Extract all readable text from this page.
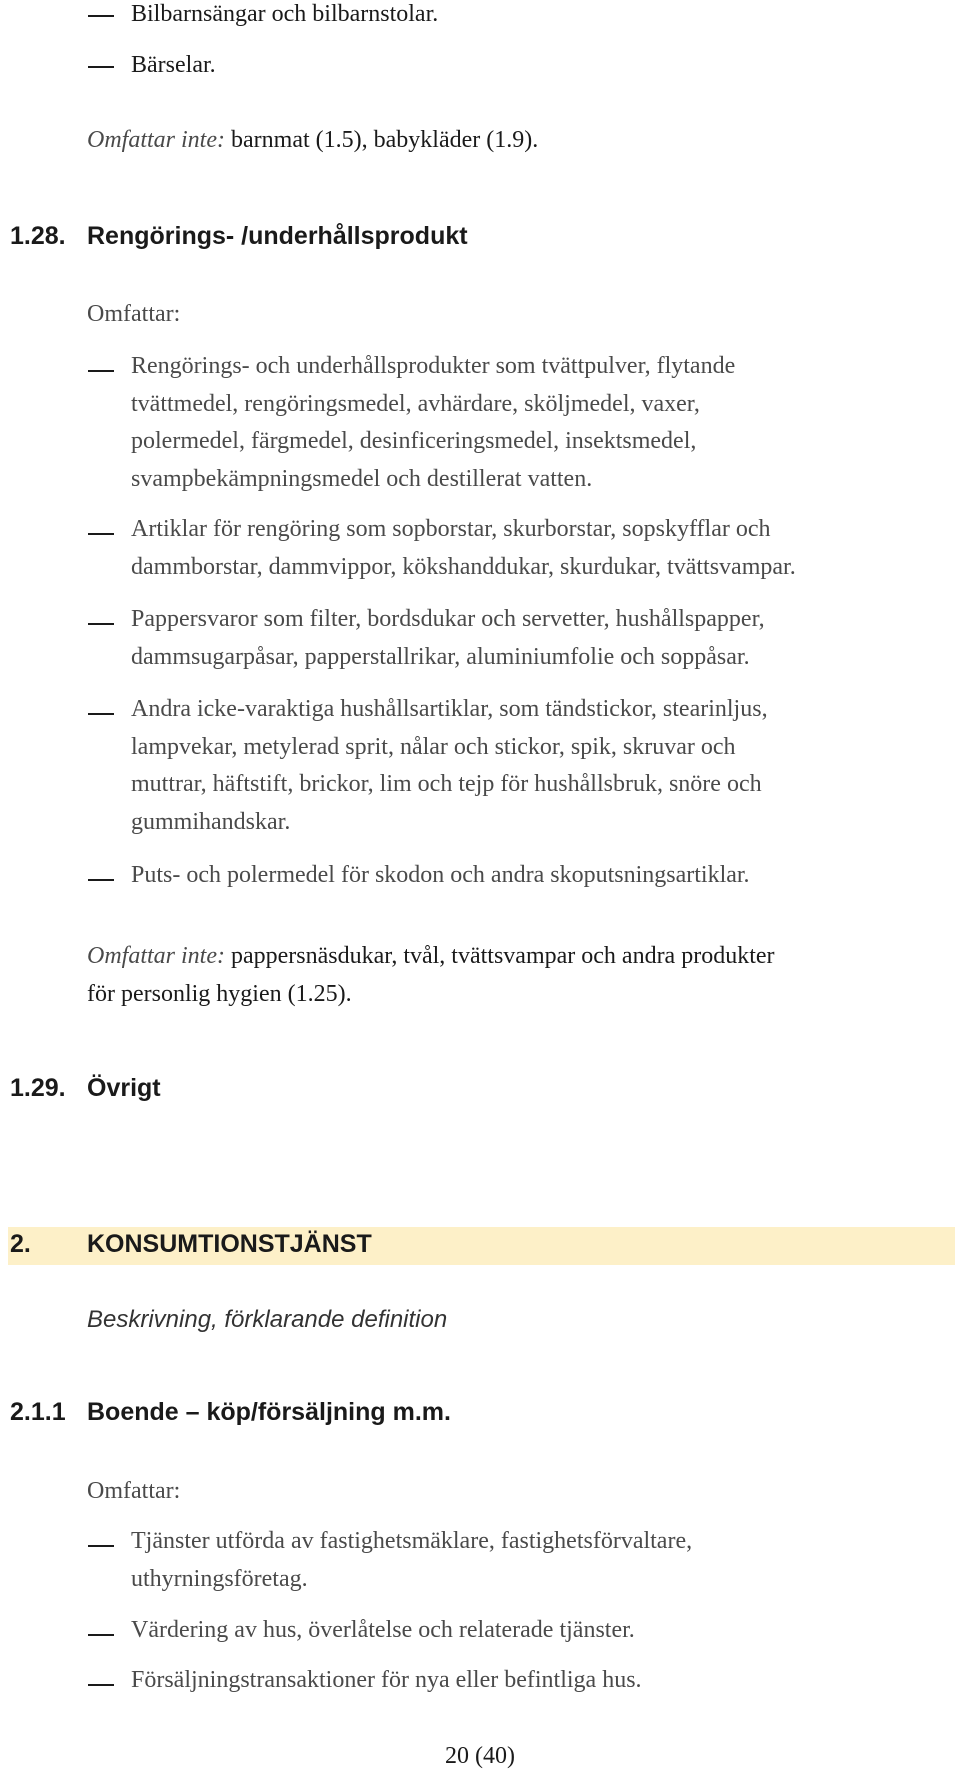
Bilbarnsängar och bilbarnstolar.
Bärselar.
Omfattar inte: barnmat (1.5), babykläder (1.9).
1.28. Rengörings- /underhållsprodukt
Omfattar:
Rengörings- och underhållsprodukter som tvättpulver, flytande
tvättmedel, rengöringsmedel, avhärdare, sköljmedel, vaxer,
polermedel, färgmedel, desinficeringsmedel, insektsmedel,
svampbekämpningsmedel och destillerat vatten.
Artiklar för rengöring som sopborstar, skurborstar, sopskyfflar och
dammborstar, dammvippor, kökshanddukar, skurdukar, tvättsvampar.
Pappersvaror som filter, bordsdukar och servetter, hushållspapper,
dammsugarpåsar, papperstallrikar, aluminiumfolie och soppåsar.
Andra icke-varaktiga hushållsartiklar, som tändstickor, stearinljus,
lampvekar, metylerad sprit, nålar och stickor, spik, skruvar och
muttrar, häftstift, brickor, lim och tejp för hushållsbruk, snöre och
gummihandskar.
Puts- och polermedel för skodon och andra skoputsningsartiklar.
Omfattar inte: pappersnäsdukar, tvål, tvättsvampar och andra produkter
för personlig hygien (1.25).
1.29. Övrigt
2. KONSUMTIONSTJÄNST
Beskrivning, förklarande definition
2.1.1 Boende – köp/försäljning m.m.
Omfattar:
Tjänster utförda av fastighetsmäklare, fastighetsförvaltare,
uthyrningsföretag.
Värdering av hus, överlåtelse och relaterade tjänster.
Försäljningstransaktioner för nya eller befintliga hus.
20 (40)
